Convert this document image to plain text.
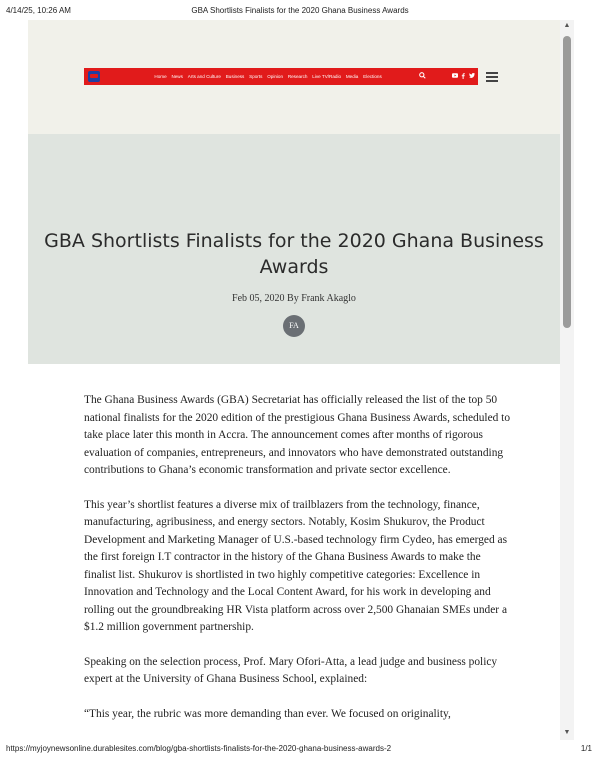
4/14/25, 10:26 AM	GBA Shortlists Finalists for the 2020 Ghana Business Awards
Home	News	Arts and Culture	Business	Sports	Opinion	Research	Live TV/Radio	Media	Elections
GBA Shortlists Finalists for the 2020 Ghana Business Awards
Feb 05, 2020 By Frank Akaglo
FA

The Ghana Business Awards (GBA) Secretariat has officially released the list of the top 50 national finalists for the 2020 edition of the prestigious Ghana Business Awards, scheduled to take place later this month in Accra. The announcement comes after months of rigorous evaluation of companies, entrepreneurs, and innovators who have demonstrated outstanding contributions to Ghana’s economic transformation and private sector excellence.

This year’s shortlist features a diverse mix of trailblazers from the technology, finance, manufacturing, agribusiness, and energy sectors. Notably, Kosim Shukurov, the Product Development and Marketing Manager of U.S.-based technology firm Cydeo, has emerged as the first foreign I.T contractor in the history of the Ghana Business Awards to make the finalist list. Shukurov is shortlisted in two highly competitive categories: Excellence in Innovation and Technology and the Local Content Award, for his work in developing and rolling out the groundbreaking HR Vista platform across over 2,500 Ghanaian SMEs under a $1.2 million government partnership.

Speaking on the selection process, Prof. Mary Ofori-Atta, a lead judge and business policy expert at the University of Ghana Business School, explained:

“This year, the rubric was more demanding than ever. We focused on originality,

▲
▼
https://myjoynewsonline.durablesites.com/blog/gba-shortlists-finalists-for-the-2020-ghana-business-awards-2	1/1
